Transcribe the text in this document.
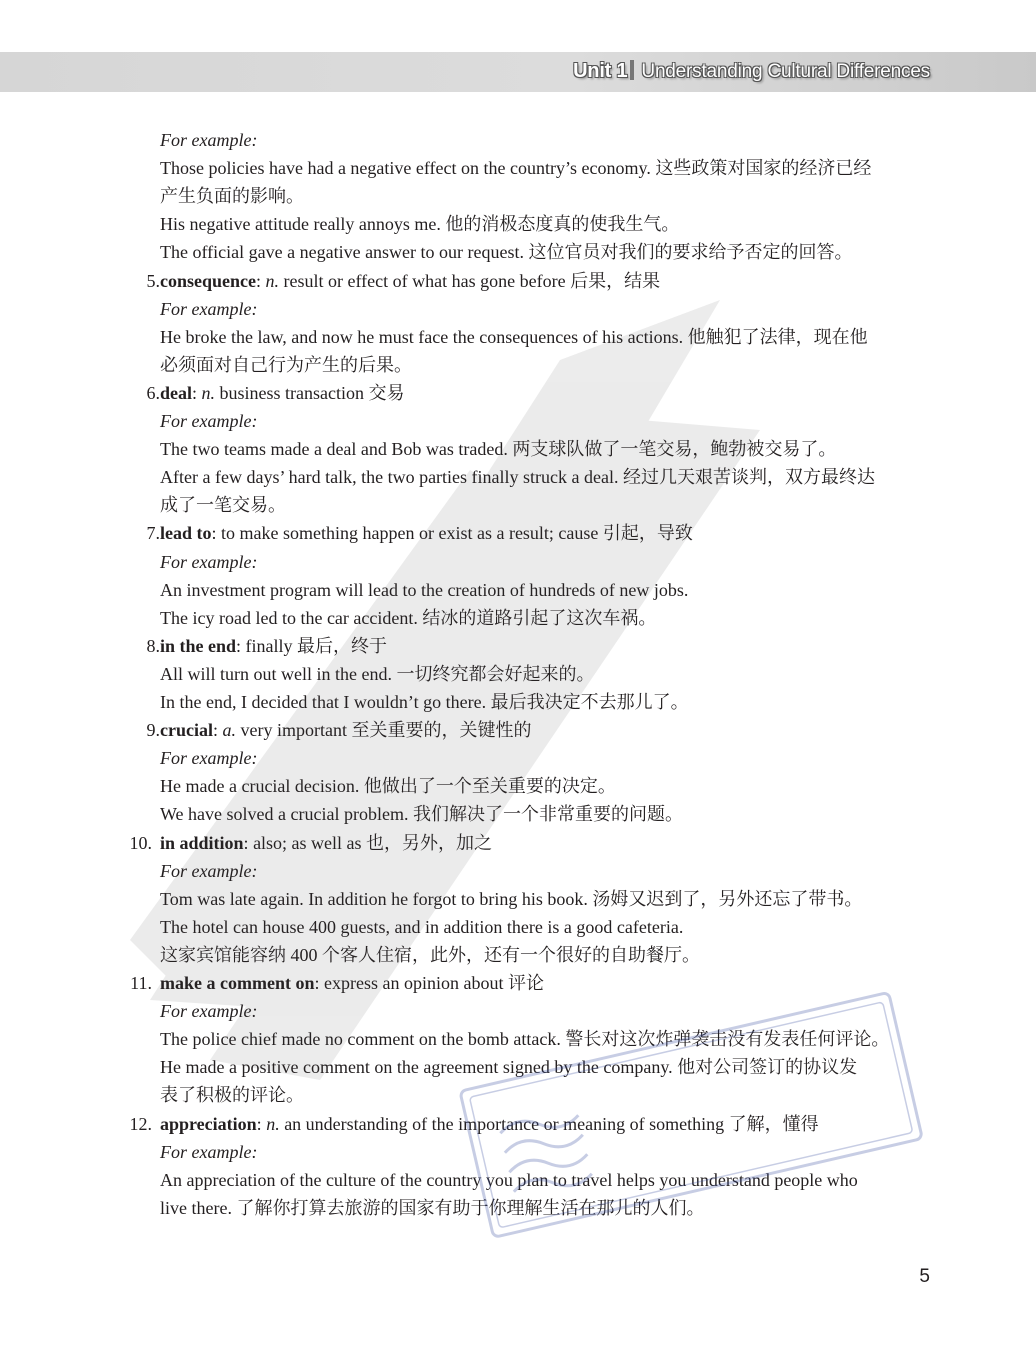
Unit 1 Understanding Cultural Differences
For example:
Those policies have had a negative effect on the country’s economy. 这些政策对国家的经济已经
产生负面的影响。
His negative attitude really annoys me. 他的消极态度真的使我生气。
The official gave a negative answer to our request. 这位官员对我们的要求给予否定的回答。
5. consequence: n. result or effect of what has gone before 后果，结果
For example:
He broke the law, and now he must face the consequences of his actions. 他触犯了法律，现在他
必须面对自己行为产生的后果。
6. deal: n. business transaction 交易
For example:
The two teams made a deal and Bob was traded. 两支球队做了一笔交易，鲍勃被交易了。
After a few days’ hard talk, the two parties finally struck a deal. 经过几天艰苦谈判，双方最终达
成了一笔交易。
7. lead to: to make something happen or exist as a result; cause 引起，导致
For example:
An investment program will lead to the creation of hundreds of new jobs.
The icy road led to the car accident. 结冰的道路引起了这次车祸。
8. in the end: finally 最后，终于
All will turn out well in the end. 一切终究都会好起来的。
In the end, I decided that I wouldn’t go there. 最后我决定不去那儿了。
9. crucial: a. very important 至关重要的，关键性的
For example:
He made a crucial decision. 他做出了一个至关重要的决定。
We have solved a crucial problem. 我们解决了一个非常重要的问题。
10. in addition: also; as well as 也，另外，加之
For example:
Tom was late again. In addition he forgot to bring his book. 汤姆又迟到了，另外还忘了带书。
The hotel can house 400 guests, and in addition there is a good cafeteria.
这家宾馆能容纳 400 个客人住宿，此外，还有一个很好的自助餐厅。
11. make a comment on: express an opinion about 评论
For example:
The police chief made no comment on the bomb attack. 警长对这次炸弹袭击没有发表任何评论。
He made a positive comment on the agreement signed by the company. 他对公司签订的协议发
表了积极的评论。
12. appreciation: n. an understanding of the importance or meaning of something 了解，懂得
For example:
An appreciation of the culture of the country you plan to travel helps you understand people who
live there. 了解你打算去旅游的国家有助于你理解生活在那儿的人们。
5
